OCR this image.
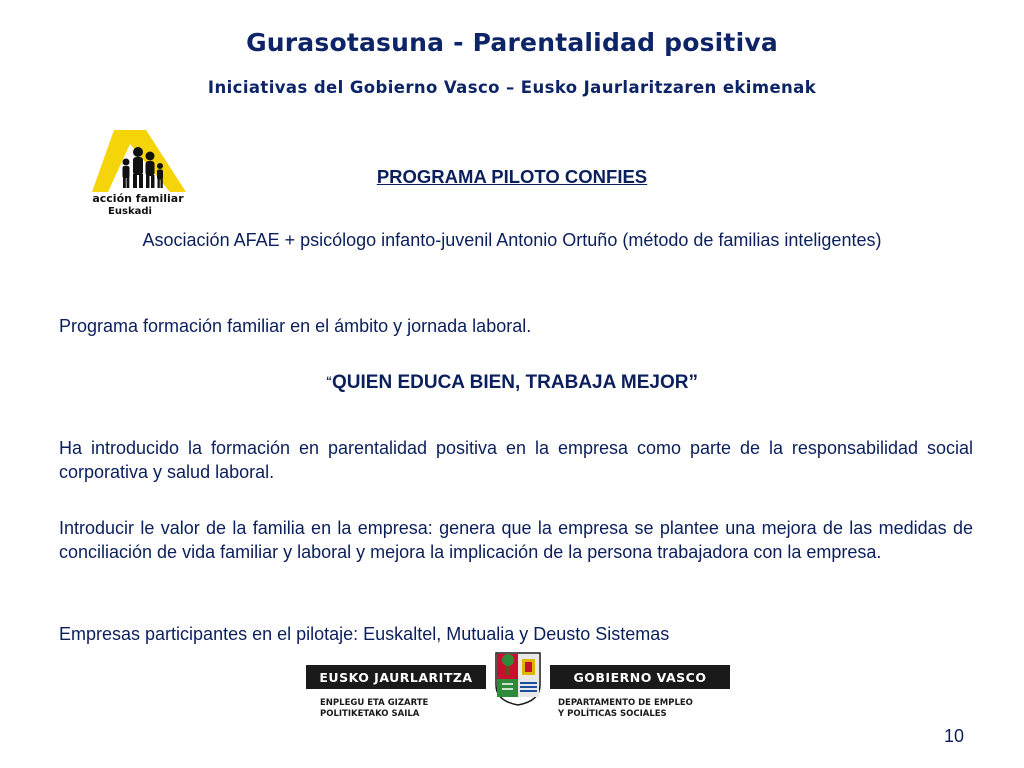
Gurasotasuna - Parentalidad positiva
Iniciativas del Gobierno Vasco – Eusko Jaurlaritzaren ekimenak
acción familiar
Euskadi
PROGRAMA PILOTO CONFIES
Asociación AFAE + psicólogo infanto-juvenil Antonio Ortuño (método de familias inteligentes)
Programa formación familiar en el ámbito y jornada laboral.
“QUIEN EDUCA BIEN, TRABAJA MEJOR”
Ha introducido la formación en parentalidad positiva en la empresa como parte de la responsabilidad social corporativa y salud laboral.
Introducir le valor de la familia en la empresa: genera que la empresa se plantee una mejora de las medidas de conciliación de vida familiar y laboral y mejora la implicación de la persona trabajadora con la empresa.
Empresas participantes en el pilotaje: Euskaltel, Mutualia y Deusto Sistemas
EUSKO JAURLARITZA	GOBIERNO VASCO
ENPLEGU ETA GIZARTE
POLITIKETAKO SAILA
DEPARTAMENTO DE EMPLEO
Y POLÍTICAS SOCIALES
10
